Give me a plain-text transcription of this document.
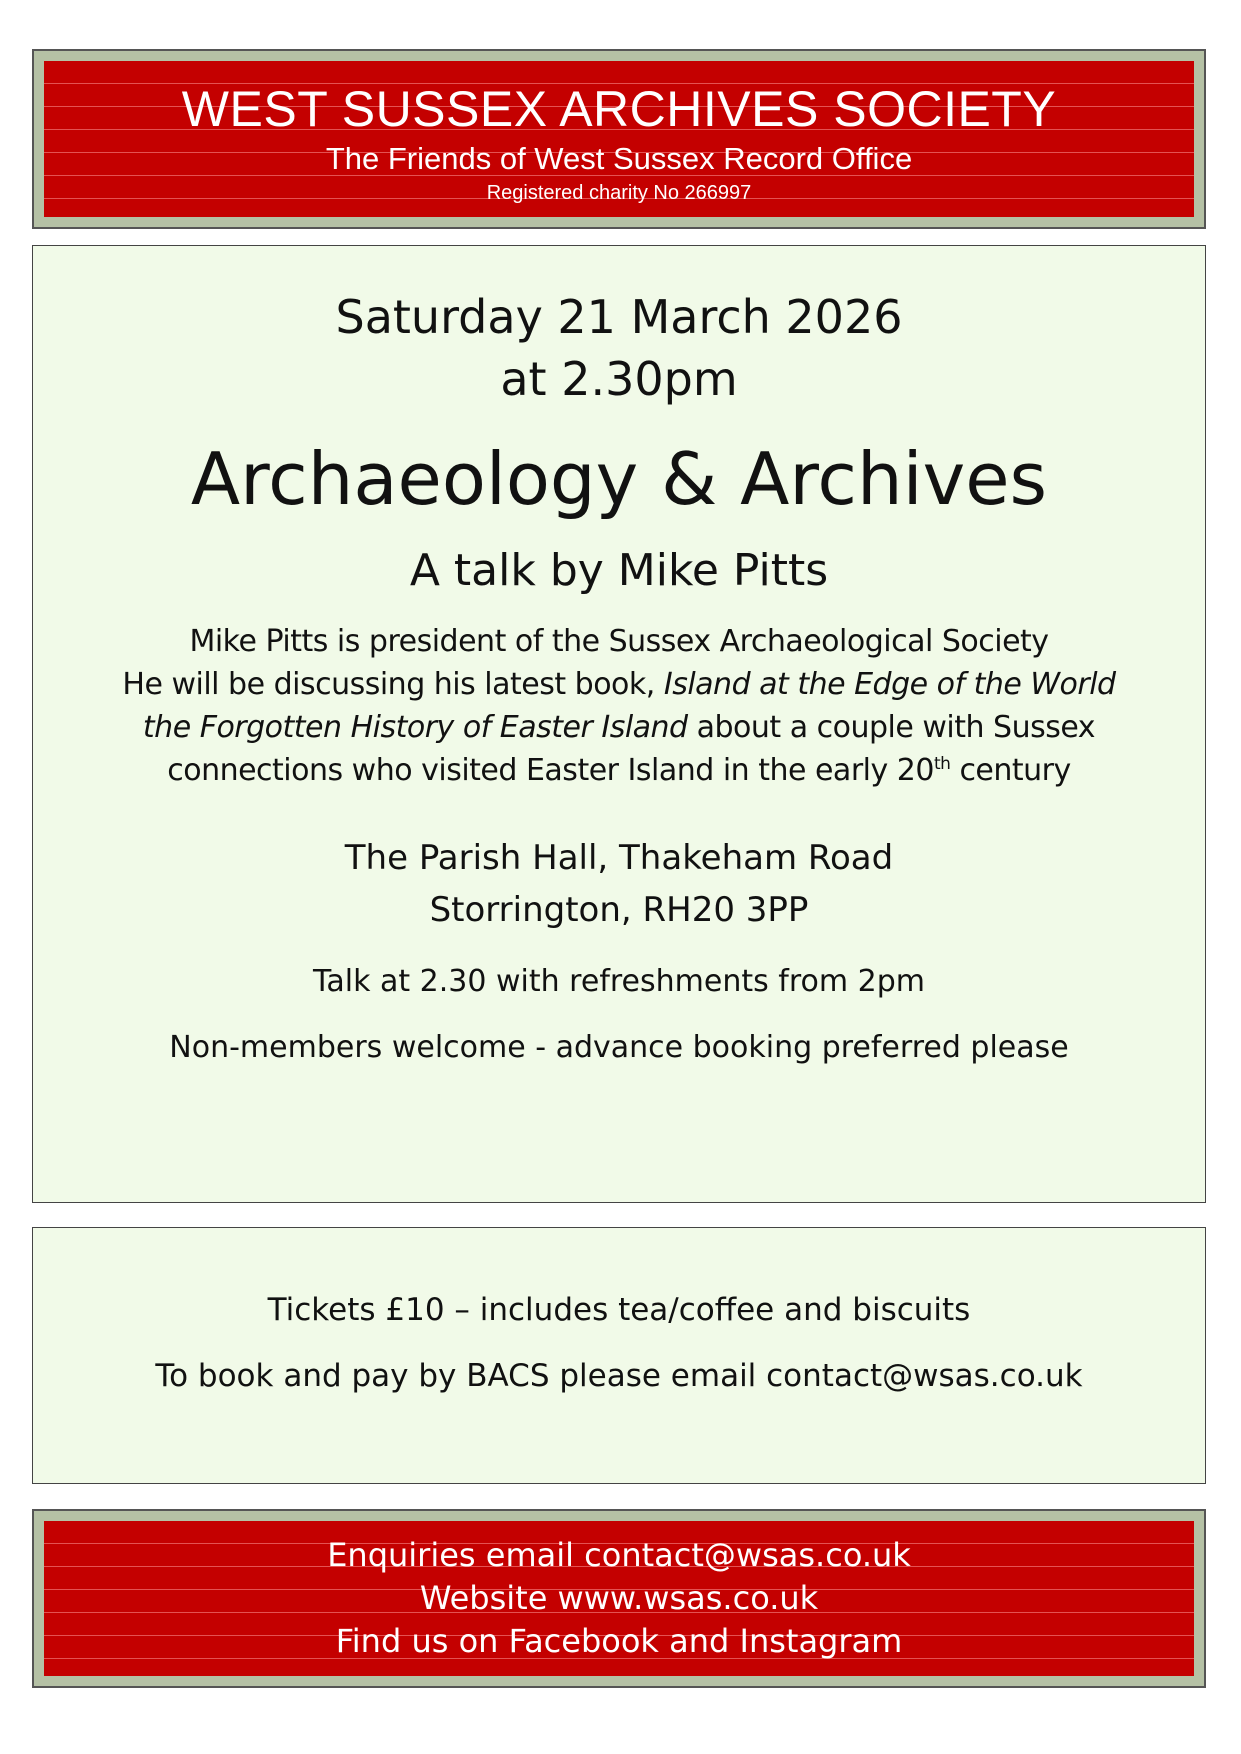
WEST SUSSEX ARCHIVES SOCIETY
The Friends of West Sussex Record Office
Registered charity No 266997
Saturday 21 March 2026
at 2.30pm
Archaeology & Archives
A talk by Mike Pitts
Mike Pitts is president of the Sussex Archaeological Society
He will be discussing his latest book, Island at the Edge of the World
the Forgotten History of Easter Island about a couple with Sussex
connections who visited Easter Island in the early 20th century
The Parish Hall, Thakeham Road
Storrington, RH20 3PP
Talk at 2.30 with refreshments from 2pm
Non-members welcome - advance booking preferred please
Tickets £10 – includes tea/coffee and biscuits
To book and pay by BACS please email contact@wsas.co.uk
Enquiries email contact@wsas.co.uk
Website www.wsas.co.uk
Find us on Facebook and Instagram
